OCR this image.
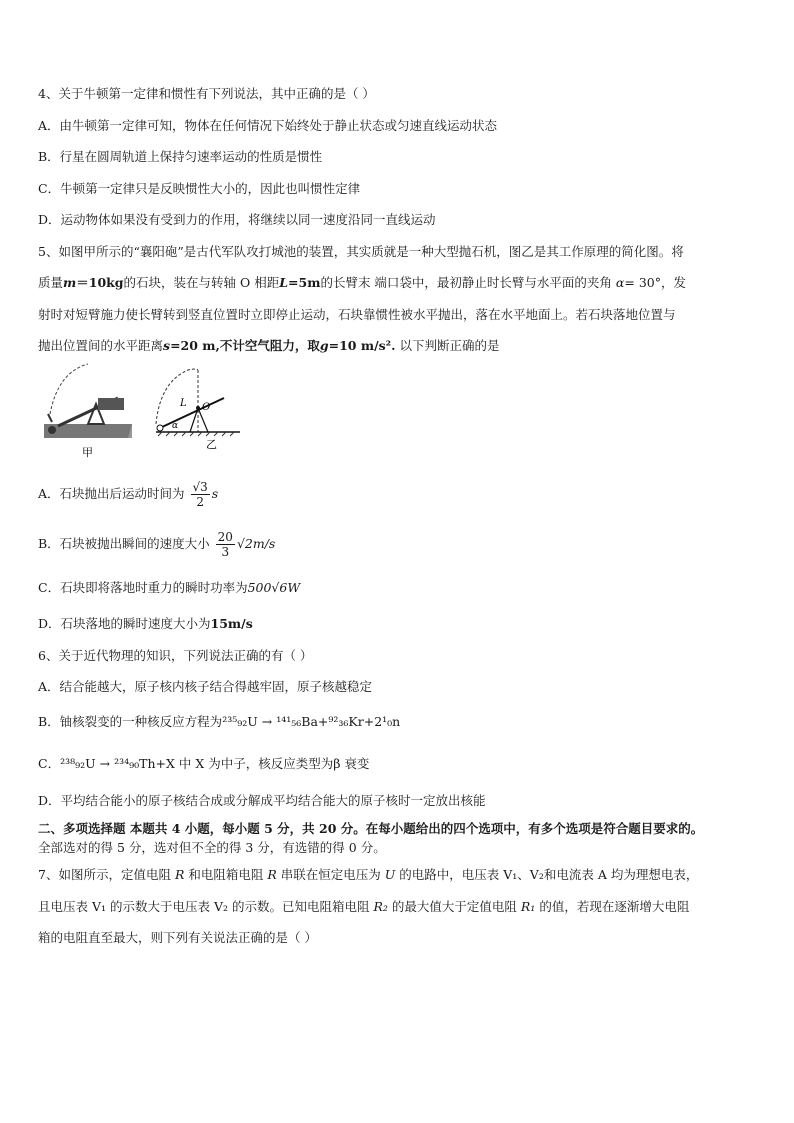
4、关于牛顿第一定律和惯性有下列说法，其中正确的是（ ）
A．由牛顿第一定律可知，物体在任何情况下始终处于静止状态或匀速直线运动状态
B．行星在圆周轨道上保持匀速率运动的性质是惯性
C．牛顿第一定律只是反映惯性大小的，因此也叫惯性定律
D．运动物体如果没有受到力的作用，将继续以同一速度沿同一直线运动
5、如图甲所示的“襄阳砲”是古代军队攻打城池的装置，其实质就是一种大型抛石机，图乙是其工作原理的简化图。将
质量m＝10kg的石块，装在与转轴 O 相距L=5m的长臂末 端口袋中，最初静止时长臂与水平面的夹角 α= 30°，发
射时对短臂施力使长臂转到竖直位置时立即停止运动，石块靠惯性被水平抛出，落在水平地面上。若石块落地位置与
抛出位置间的水平距离s=20 m,不计空气阻力，取g=10 m/s². 以下判断正确的是
甲
L O
α
乙
A．石块抛出后运动时间为 $\frac{√3}{2}$ s
B．石块被抛出瞬间的速度大小 $\frac{20}{3} √2m/s$
C．石块即将落地时重力的瞬时功率为500√6W
D．石块落地的瞬时速度大小为15m/s
6、关于近代物理的知识，下列说法正确的有（ ）
A．结合能越大，原子核内核子结合得越牢固，原子核越稳定
B．铀核裂变的一种核反应方程为²³⁵₉₂U → ¹⁴¹₅₆Ba+⁹²₃₆Kr+2¹₀n
C．²³⁸₉₂U → ²³⁴₉₀Th+X 中 X 为中子，核反应类型为β 衰变
D．平均结合能小的原子核结合成或分解成平均结合能大的原子核时一定放出核能
二、多项选择题 本题共 4 小题，每小题 5 分，共 20 分。在每小题给出的四个选项中，有多个选项是符合题目要求的。
全部选对的得 5 分，选对但不全的得 3 分，有选错的得 0 分。
7、如图所示，定值电阻 R 和电阻箱电阻 R 串联在恒定电压为 U 的电路中，电压表 V₁、V₂和电流表 A 均为理想电表，
且电压表 V₁ 的示数大于电压表 V₂ 的示数。已知电阻箱电阻 R₂ 的最大值大于定值电阻 R₁ 的值，若现在逐渐增大电阻
箱的电阻直至最大，则下列有关说法正确的是（ ）
